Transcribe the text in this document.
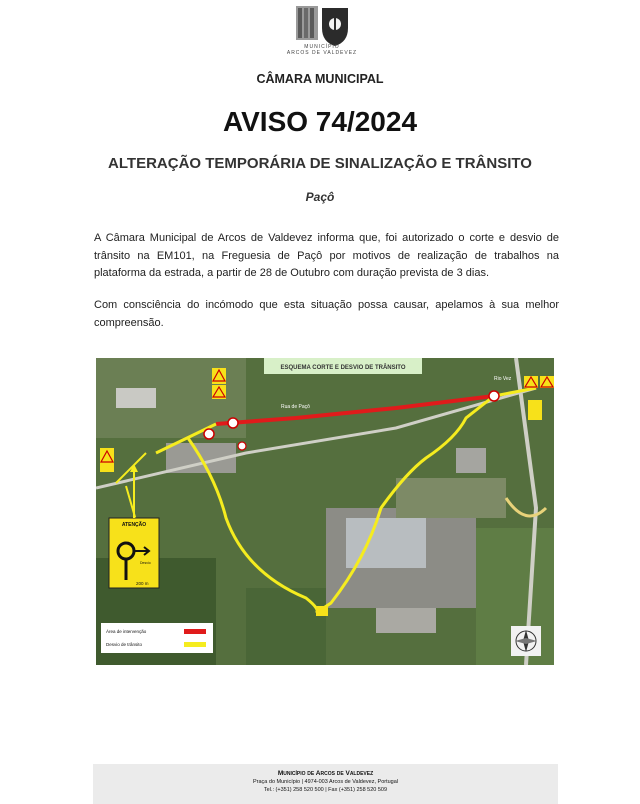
MUNICÍPIO
ARCOS DE VALDEVEZ
CÂMARA MUNICIPAL
AVISO 74/2024
ALTERAÇÃO TEMPORÁRIA DE SINALIZAÇÃO E TRÂNSITO
Paçô

A Câmara Municipal de Arcos de Valdevez informa que, foi autorizado o corte e desvio de trânsito na EM101, na Freguesia de Paçô por motivos de realização de trabalhos na plataforma da estrada, a partir de 28 de Outubro com duração prevista de 3 dias.

Com consciência do incómodo que esta situação possa causar, apelamos à sua melhor compreensão.

ESQUEMA CORTE E DESVIO DE TRÂNSITO
Rio Vez
Rua de Paçô
ATENÇÃO
Desvio
200 m
Área de intervenção
Desvio de trânsito
Município de Arcos de Valdevez
Praça do Município | 4974-003 Arcos de Valdevez, Portugal
Tel.: (+351) 258 520 500 | Fax (+351) 258 520 509
